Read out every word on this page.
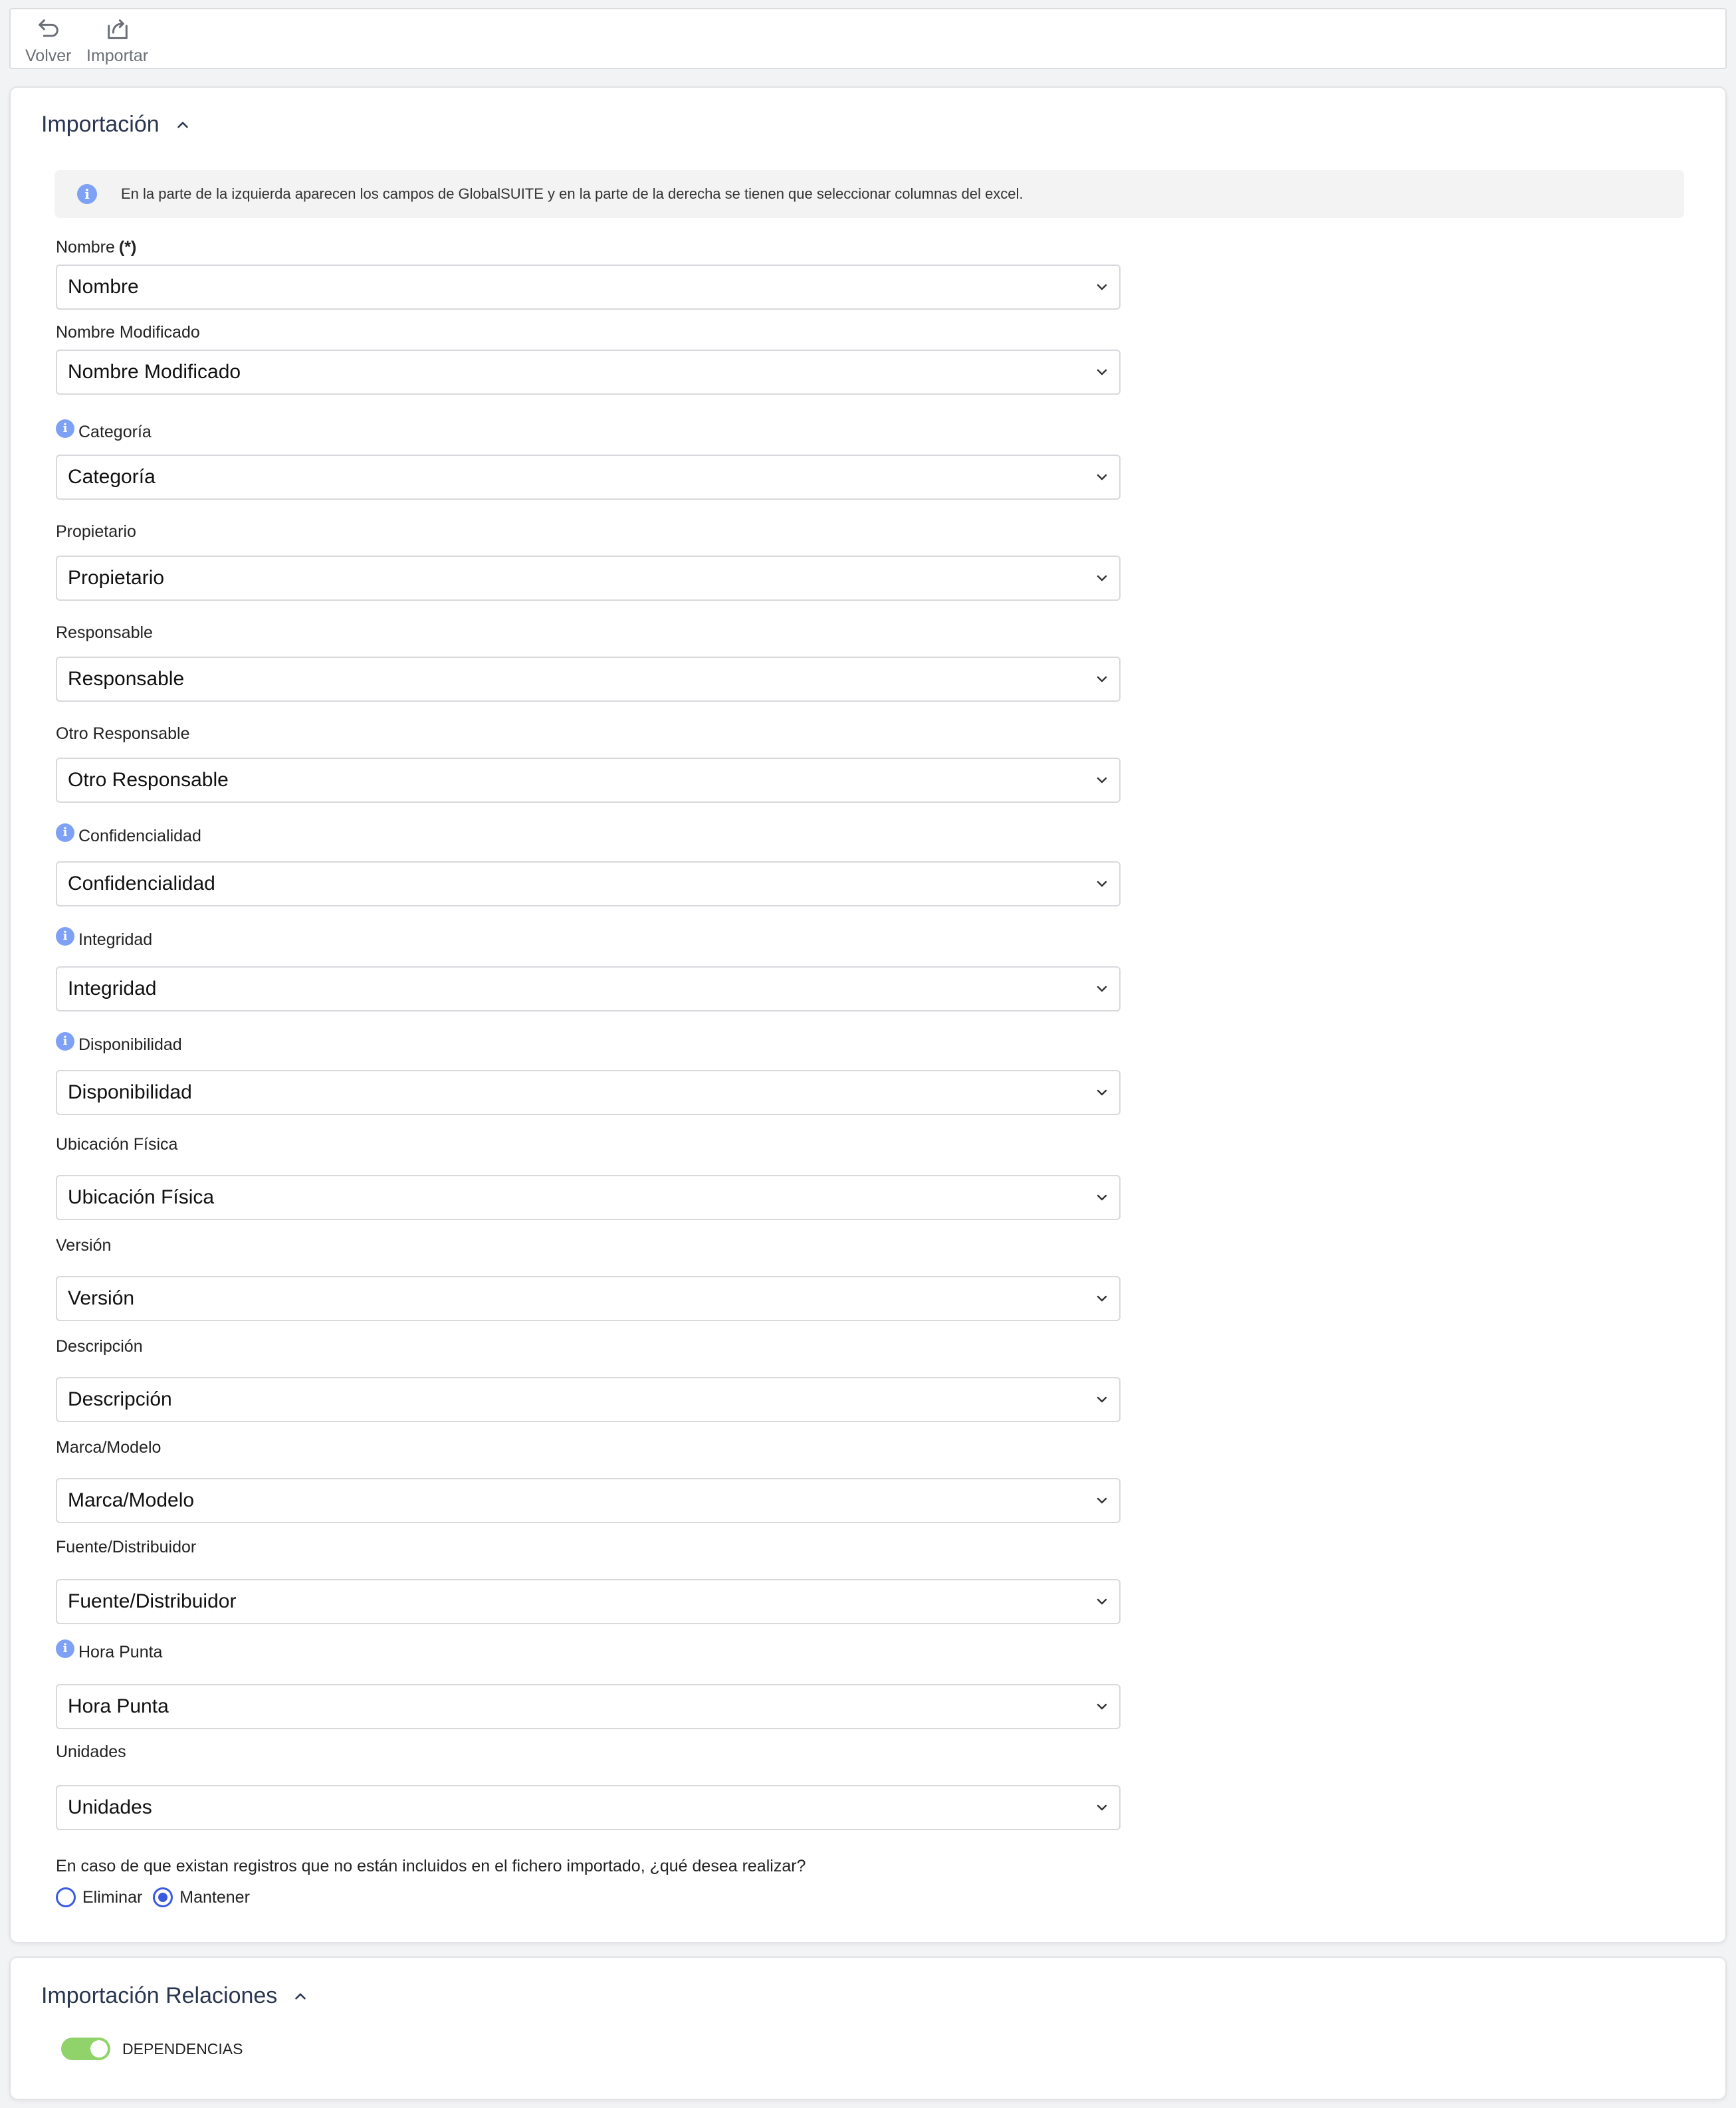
Volver Importar
Importación
i	En la parte de la izquierda aparecen los campos de GlobalSUITE y en la parte de la derecha se tienen que seleccionar columnas del excel.
Nombre (*)
Nombre
Nombre Modificado
Nombre Modificado
i Categoría
Categoría
Propietario
Propietario
Responsable
Responsable
Otro Responsable
Otro Responsable
i Confidencialidad
Confidencialidad
i Integridad
Integridad
i Disponibilidad
Disponibilidad
Ubicación Física
Ubicación Física
Versión
Versión
Descripción
Descripción
Marca/Modelo
Marca/Modelo
Fuente/Distribuidor
Fuente/Distribuidor
i Hora Punta
Hora Punta
Unidades
Unidades
En caso de que existan registros que no están incluidos en el fichero importado, ¿qué desea realizar?
Eliminar Mantener
Importación Relaciones
DEPENDENCIAS
